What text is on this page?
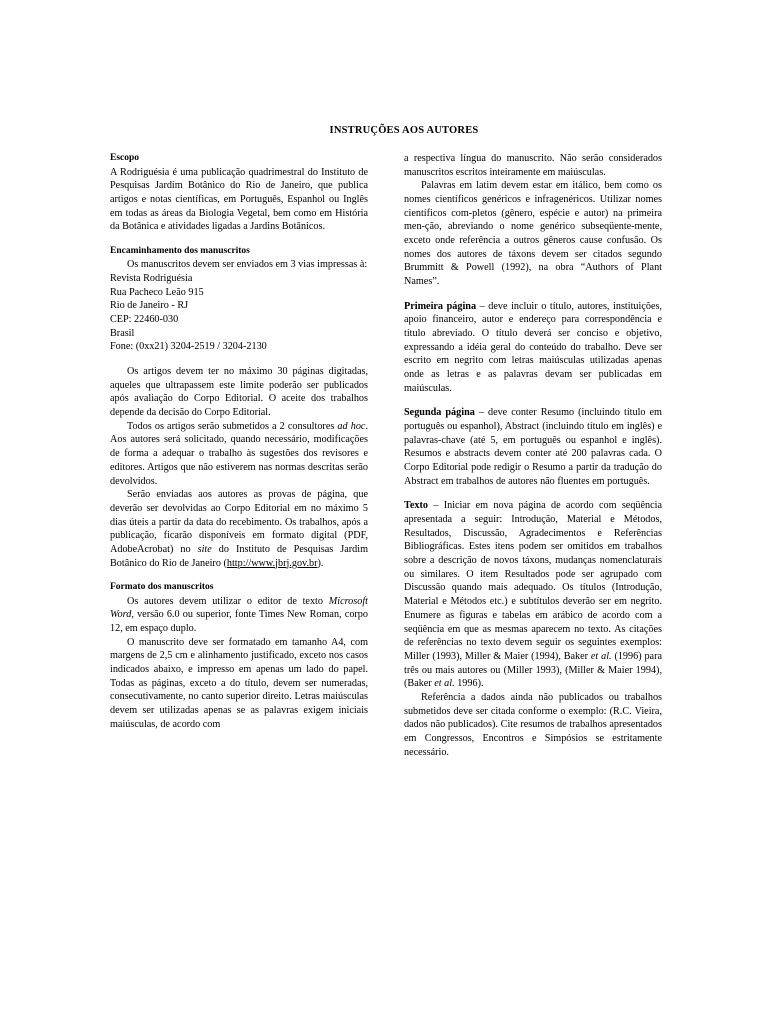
INSTRUÇÕES AOS AUTORES
Escopo

A Rodriguésia é uma publicação quadrimestral do Instituto de Pesquisas Jardim Botânico do Rio de Janeiro, que publica artigos e notas científicas, em Português, Espanhol ou Inglês em todas as áreas da Biologia Vegetal, bem como em História da Botânica e atividades ligadas a Jardins Botânicos.

Encaminhamento dos manuscritos

Os manuscritos devem ser enviados em 3 vias impressas à:

Revista Rodriguésia

Rua Pacheco Leão 915

Rio de Janeiro - RJ

CEP: 22460-030

Brasil

Fone: (0xx21) 3204-2519 / 3204-2130

Os artigos devem ter no máximo 30 páginas digitadas, aqueles que ultrapassem este limite poderão ser publicados após avaliação do Corpo Editorial. O aceite dos trabalhos depende da decisão do Corpo Editorial.

Todos os artigos serão submetidos a 2 consultores ad hoc. Aos autores será solicitado, quando necessário, modificações de forma a adequar o trabalho às sugestões dos revisores e editores. Artigos que não estiverem nas normas descritas serão devolvidos.

Serão enviadas aos autores as provas de página, que deverão ser devolvidas ao Corpo Editorial em no máximo 5 dias úteis a partir da data do recebimento. Os trabalhos, após a publicação, ficarão disponíveis em formato digital (PDF, AdobeAcrobat) no site do Instituto de Pesquisas Jardim Botânico do Rio de Janeiro (http://www.jbrj.gov.br).

Formato dos manuscritos

Os autores devem utilizar o editor de texto Microsoft Word, versão 6.0 ou superior, fonte Times New Roman, corpo 12, em espaço duplo.

O manuscrito deve ser formatado em tamanho A4, com margens de 2,5 cm e alinhamento justificado, exceto nos casos indicados abaixo, e impresso em apenas um lado do papel. Todas as páginas, exceto a do título, devem ser numeradas, consecutivamente, no canto superior direito. Letras maiúsculas devem ser utilizadas apenas se as palavras exigem iniciais maiúsculas, de acordo com

a respectiva língua do manuscrito. Não serão considerados manuscritos escritos inteiramente em maiúsculas.

Palavras em latim devem estar em itálico, bem como os nomes científicos genéricos e infragenéricos. Utilizar nomes científicos com-pletos (gênero, espécie e autor) na primeira men-ção, abreviando o nome genérico subseqüente-mente, exceto onde referência a outros gêneros cause confusão. Os nomes dos autores de táxons devem ser citados segundo Brummitt & Powell (1992), na obra “Authors of Plant Names”.

Primeira página – deve incluir o título, autores, instituições, apoio financeiro, autor e endereço para correspondência e título abreviado. O título deverá ser conciso e objetivo, expressando a idéia geral do conteúdo do trabalho. Deve ser escrito em negrito com letras maiúsculas utilizadas apenas onde as letras e as palavras devam ser publicadas em maiúsculas.

Segunda página – deve conter Resumo (incluindo título em português ou espanhol), Abstract (incluindo título em inglês) e palavras-chave (até 5, em português ou espanhol e inglês). Resumos e abstracts devem conter até 200 palavras cada. O Corpo Editorial pode redigir o Resumo a partir da tradução do Abstract em trabalhos de autores não fluentes em português.

Texto – Iniciar em nova página de acordo com seqüência apresentada a seguir: Introdução, Material e Métodos, Resultados, Discussão, Agradecimentos e Referências Bibliográficas. Estes itens podem ser omitidos em trabalhos sobre a descrição de novos táxons, mudanças nomenclaturais ou similares. O item Resultados pode ser agrupado com Discussão quando mais adequado. Os títulos (Introdução, Material e Métodos etc.) e subtítulos deverão ser em negrito. Enumere as figuras e tabelas em arábico de acordo com a seqüência em que as mesmas aparecem no texto. As citações de referências no texto devem seguir os seguintes exemplos: Miller (1993), Miller & Maier (1994), Baker et al. (1996) para três ou mais autores ou (Miller 1993), (Miller & Maier 1994), (Baker et al. 1996).

Referência a dados ainda não publicados ou trabalhos submetidos deve ser citada conforme o exemplo: (R.C. Vieira, dados não publicados). Cite resumos de trabalhos apresentados em Congressos, Encontros e Simpósios se estritamente necessário.
